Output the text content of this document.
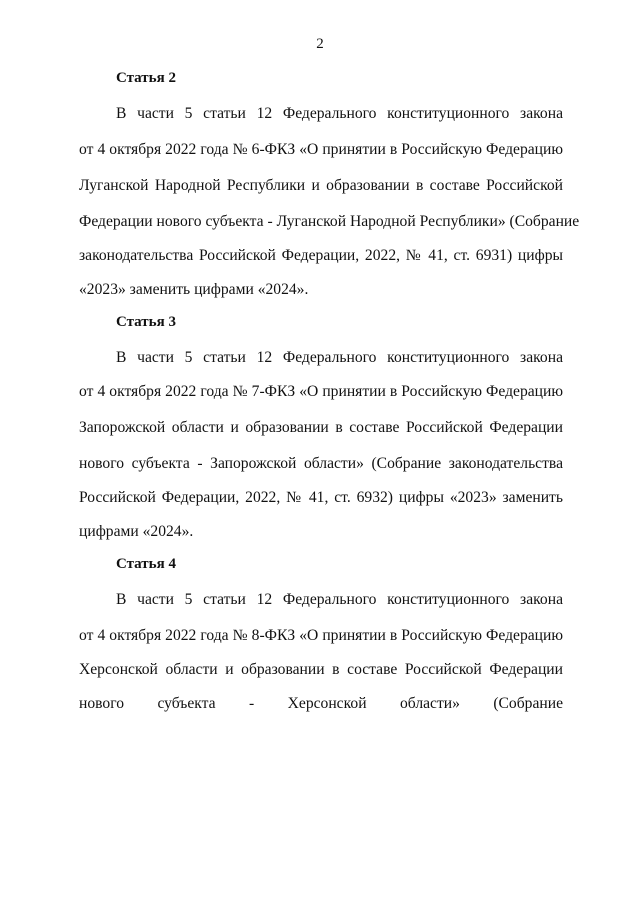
2
Статья 2
В части 5 статьи 12 Федерального конституционного закона
от 4 октября 2022 года № 6-ФКЗ «О принятии в Российскую Федерацию
Луганской Народной Республики и образовании в составе Российской
Федерации нового субъекта - Луганской Народной Республики» (Собрание
законодательства Российской Федерации, 2022, № 41, ст. 6931) цифры
«2023» заменить цифрами «2024».
Статья 3
В части 5 статьи 12 Федерального конституционного закона
от 4 октября 2022 года № 7-ФКЗ «О принятии в Российскую Федерацию
Запорожской области и образовании в составе Российской Федерации
нового субъекта - Запорожской области» (Собрание законодательства
Российской Федерации, 2022, № 41, ст. 6932) цифры «2023» заменить
цифрами «2024».
Статья 4
В части 5 статьи 12 Федерального конституционного закона
от 4 октября 2022 года № 8-ФКЗ «О принятии в Российскую Федерацию
Херсонской области и образовании в составе Российской Федерации
нового субъекта - Херсонской области» (Собрание
